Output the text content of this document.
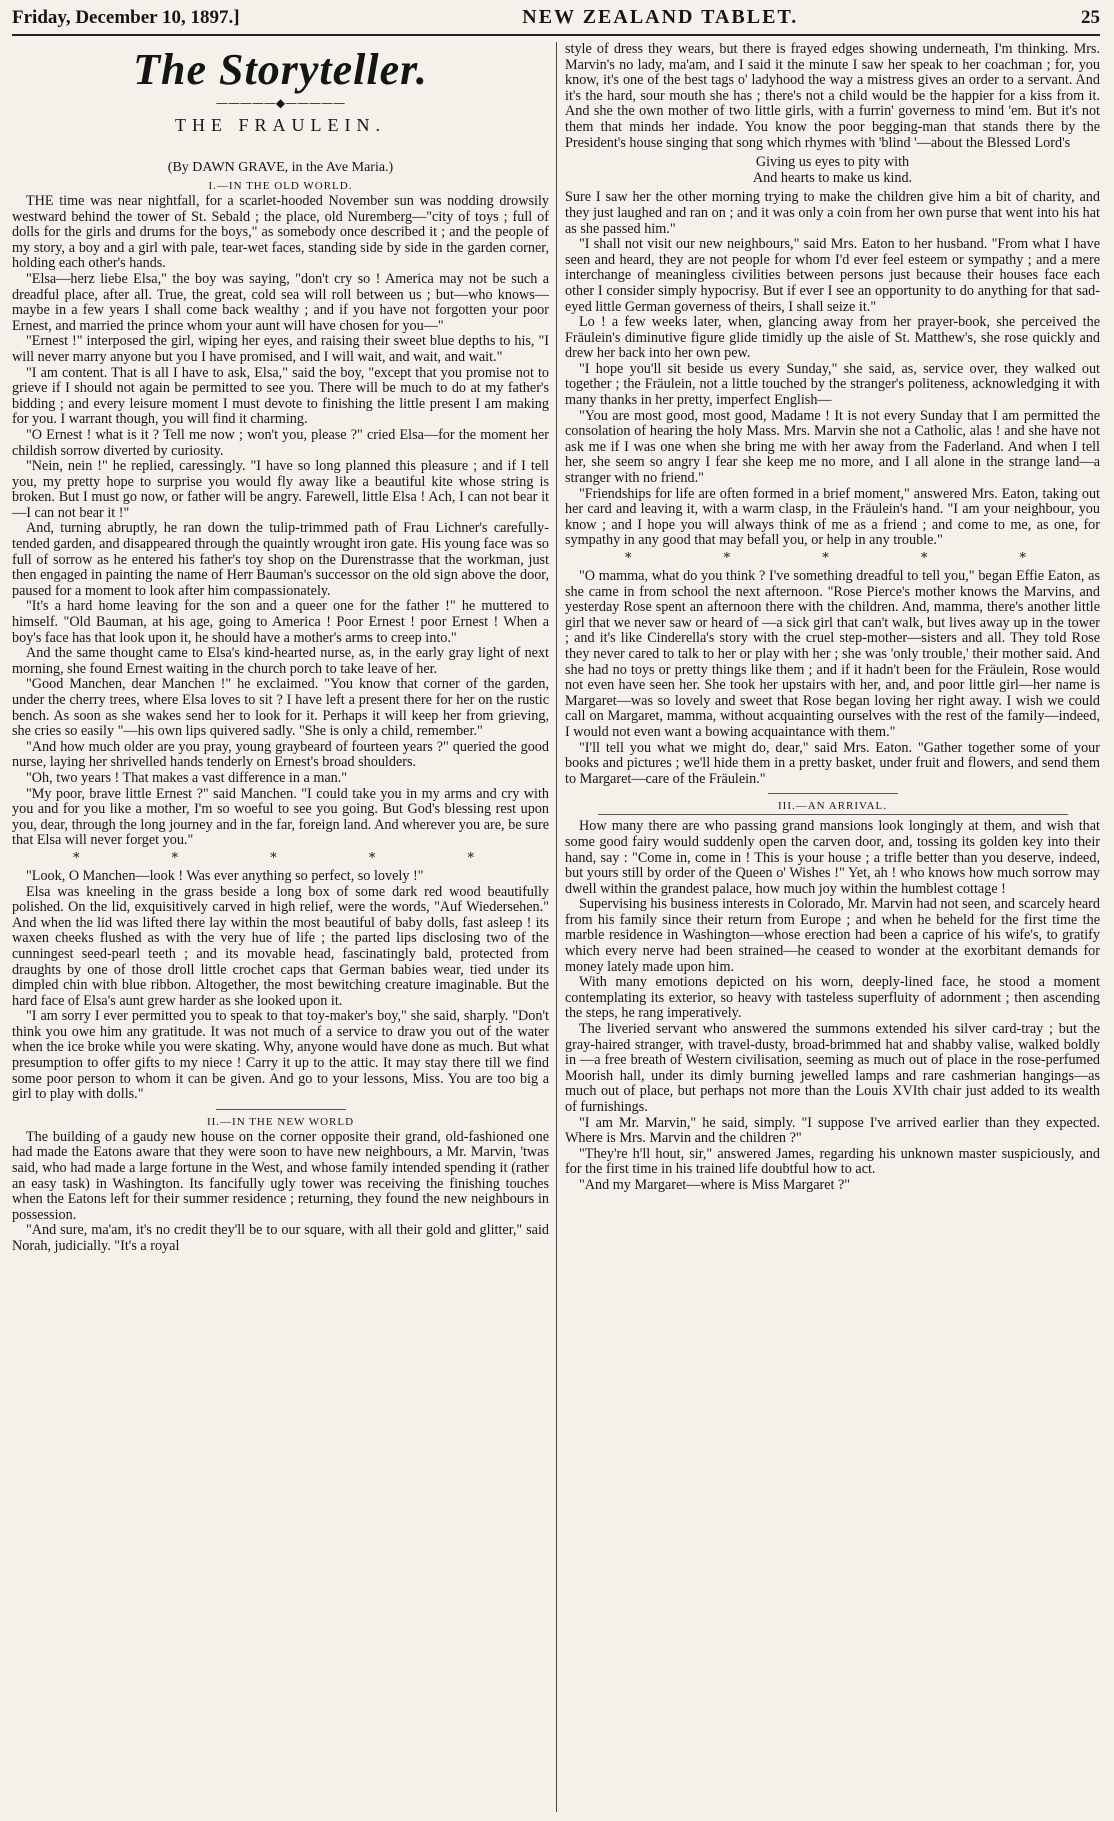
Friday, December 10, 1897.]	NEW ZEALAND TABLET.	25
The Storyteller.
—————◆—————
THE FRAULEIN.
(By DAWN GRAVE, in the Ave Maria.)
I.—IN THE OLD WORLD.

THE time was near nightfall, for a scarlet-hooded November sun was nodding drowsily westward behind the tower of St. Sebald ; the place, old Nuremberg—"city of toys ; full of dolls for the girls and drums for the boys," as somebody once described it ; and the people of my story, a boy and a girl with pale, tear-wet faces, standing side by side in the garden corner, holding each other's hands.

"Elsa—herz liebe Elsa," the boy was saying, "don't cry so ! America may not be such a dreadful place, after all. True, the great, cold sea will roll between us ; but—who knows—maybe in a few years I shall come back wealthy ; and if you have not forgotten your poor Ernest, and married the prince whom your aunt will have chosen for you—"

"Ernest !" interposed the girl, wiping her eyes, and raising their sweet blue depths to his, "I will never marry anyone but you I have promised, and I will wait, and wait, and wait."

"I am content. That is all I have to ask, Elsa," said the boy, "except that you promise not to grieve if I should not again be permitted to see you. There will be much to do at my father's bidding ; and every leisure moment I must devote to finishing the little present I am making for you. I warrant though, you will find it charming.

"O Ernest ! what is it ? Tell me now ; won't you, please ?" cried Elsa—for the moment her childish sorrow diverted by curiosity.

"Nein, nein !" he replied, caressingly. "I have so long planned this pleasure ; and if I tell you, my pretty hope to surprise you would fly away like a beautiful kite whose string is broken. But I must go now, or father will be angry. Farewell, little Elsa ! Ach, I can not bear it—I can not bear it !"

And, turning abruptly, he ran down the tulip-trimmed path of Frau Lichner's carefully-tended garden, and disappeared through the quaintly wrought iron gate. His young face was so full of sorrow as he entered his father's toy shop on the Durenstrasse that the workman, just then engaged in painting the name of Herr Bauman's successor on the old sign above the door, paused for a moment to look after him compassionately.

"It's a hard home leaving for the son and a queer one for the father !" he muttered to himself. "Old Bauman, at his age, going to America ! Poor Ernest ! poor Ernest ! When a boy's face has that look upon it, he should have a mother's arms to creep into."

And the same thought came to Elsa's kind-hearted nurse, as, in the early gray light of next morning, she found Ernest waiting in the church porch to take leave of her.

"Good Manchen, dear Manchen !" he exclaimed. "You know that corner of the garden, under the cherry trees, where Elsa loves to sit ? I have left a present there for her on the rustic bench. As soon as she wakes send her to look for it. Perhaps it will keep her from grieving, she cries so easily "—his own lips quivered sadly. "She is only a child, remember."

"And how much older are you pray, young graybeard of fourteen years ?" queried the good nurse, laying her shrivelled hands tenderly on Ernest's broad shoulders.

"Oh, two years ! That makes a vast difference in a man."

"My poor, brave little Ernest ?" said Manchen. "I could take you in my arms and cry with you and for you like a mother, I'm so woeful to see you going. But God's blessing rest upon you, dear, through the long journey and in the far, foreign land. And wherever you are, be sure that Elsa will never forget you."

* * * * *

"Look, O Manchen—look ! Was ever anything so perfect, so lovely !"

Elsa was kneeling in the grass beside a long box of some dark red wood beautifully polished. On the lid, exquisitively carved in high relief, were the words, "Auf Wiedersehen." And when the lid was lifted there lay within the most beautiful of baby dolls, fast asleep ! its waxen cheeks flushed as with the very hue of life ; the parted lips disclosing two of the cunningest seed-pearl teeth ; and its movable head, fascinatingly bald, protected from draughts by one of those droll little crochet caps that German babies wear, tied under its dimpled chin with blue ribbon. Altogether, the most bewitching creature imaginable. But the hard face of Elsa's aunt grew harder as she looked upon it.

"I am sorry I ever permitted you to speak to that toy-maker's boy," she said, sharply. "Don't think you owe him any gratitude. It was not much of a service to draw you out of the water when the ice broke while you were skating. Why, anyone would have done as much. But what presumption to offer gifts to my niece ! Carry it up to the attic. It may stay there till we find some poor person to whom it can be given. And go to your lessons, Miss. You are too big a girl to play with dolls."

II.—IN THE NEW WORLD

The building of a gaudy new house on the corner opposite their grand, old-fashioned one had made the Eatons aware that they were soon to have new neighbours, a Mr. Marvin, 'twas said, who had made a large fortune in the West, and whose family intended spending it (rather an easy task) in Washington. Its fancifully ugly tower was receiving the finishing touches when the Eatons left for their summer residence ; returning, they found the new neighbours in possession.

"And sure, ma'am, it's no credit they'll be to our square, with all their gold and glitter," said Norah, judicially. "It's a royal

style of dress they wears, but there is frayed edges showing underneath, I'm thinking. Mrs. Marvin's no lady, ma'am, and I said it the minute I saw her speak to her coachman ; for, you know, it's one of the best tags o' ladyhood the way a mistress gives an order to a servant. And it's the hard, sour mouth she has ; there's not a child would be the happier for a kiss from it. And she the own mother of two little girls, with a furrin' governess to mind 'em. But it's not them that minds her indade. You know the poor begging-man that stands there by the President's house singing that song which rhymes with 'blind '—about the Blessed Lord's

Giving us eyes to pity with
And hearts to make us kind.

Sure I saw her the other morning trying to make the children give him a bit of charity, and they just laughed and ran on ; and it was only a coin from her own purse that went into his hat as she passed him."

"I shall not visit our new neighbours," said Mrs. Eaton to her husband. "From what I have seen and heard, they are not people for whom I'd ever feel esteem or sympathy ; and a mere interchange of meaningless civilities between persons just because their houses face each other I consider simply hypocrisy. But if ever I see an opportunity to do anything for that sad-eyed little German governess of theirs, I shall seize it."

Lo ! a few weeks later, when, glancing away from her prayer-book, she perceived the Fräulein's diminutive figure glide timidly up the aisle of St. Matthew's, she rose quickly and drew her back into her own pew.

"I hope you'll sit beside us every Sunday," she said, as, service over, they walked out together ; the Fräulein, not a little touched by the stranger's politeness, acknowledging it with many thanks in her pretty, imperfect English—

"You are most good, most good, Madame ! It is not every Sunday that I am permitted the consolation of hearing the holy Mass. Mrs. Marvin she not a Catholic, alas ! and she have not ask me if I was one when she bring me with her away from the Faderland. And when I tell her, she seem so angry I fear she keep me no more, and I all alone in the strange land—a stranger with no friend."

"Friendships for life are often formed in a brief moment," answered Mrs. Eaton, taking out her card and leaving it, with a warm clasp, in the Fräulein's hand. "I am your neighbour, you know ; and I hope you will always think of me as a friend ; and come to me, as one, for sympathy in any good that may befall you, or help in any trouble."

* * * * *

"O mamma, what do you think ? I've something dreadful to tell you," began Effie Eaton, as she came in from school the next afternoon. "Rose Pierce's mother knows the Marvins, and yesterday Rose spent an afternoon there with the children. And, mamma, there's another little girl that we never saw or heard of —a sick girl that can't walk, but lives away up in the tower ; and it's like Cinderella's story with the cruel step-mother—sisters and all. They told Rose they never cared to talk to her or play with her ; she was 'only trouble,' their mother said. And she had no toys or pretty things like them ; and if it hadn't been for the Fräulein, Rose would not even have seen her. She took her upstairs with her, and, and poor little girl—her name is Margaret—was so lovely and sweet that Rose began loving her right away. I wish we could call on Margaret, mamma, without acquainting ourselves with the rest of the family—indeed, I would not even want a bowing acquaintance with them."

"I'll tell you what we might do, dear," said Mrs. Eaton. "Gather together some of your books and pictures ; we'll hide them in a pretty basket, under fruit and flowers, and send them to Margaret—care of the Fräulein."

III.—AN ARRIVAL.

How many there are who passing grand mansions look longingly at them, and wish that some good fairy would suddenly open the carven door, and, tossing its golden key into their hand, say : "Come in, come in ! This is your house ; a trifle better than you deserve, indeed, but yours still by order of the Queen o' Wishes !" Yet, ah ! who knows how much sorrow may dwell within the grandest palace, how much joy within the humblest cottage !

Supervising his business interests in Colorado, Mr. Marvin had not seen, and scarcely heard from his family since their return from Europe ; and when he beheld for the first time the marble residence in Washington—whose erection had been a caprice of his wife's, to gratify which every nerve had been strained—he ceased to wonder at the exorbitant demands for money lately made upon him.

With many emotions depicted on his worn, deeply-lined face, he stood a moment contemplating its exterior, so heavy with tasteless superfluity of adornment ; then ascending the steps, he rang imperatively.

The liveried servant who answered the summons extended his silver card-tray ; but the gray-haired stranger, with travel-dusty, broad-brimmed hat and shabby valise, walked boldly in —a free breath of Western civilisation, seeming as much out of place in the rose-perfumed Moorish hall, under its dimly burning jewelled lamps and rare cashmerian hangings—as much out of place, but perhaps not more than the Louis XVIth chair just added to its wealth of furnishings.

"I am Mr. Marvin," he said, simply. "I suppose I've arrived earlier than they expected. Where is Mrs. Marvin and the children ?"

"They're h'll hout, sir," answered James, regarding his unknown master suspiciously, and for the first time in his trained life doubtful how to act.

"And my Margaret—where is Miss Margaret ?"
